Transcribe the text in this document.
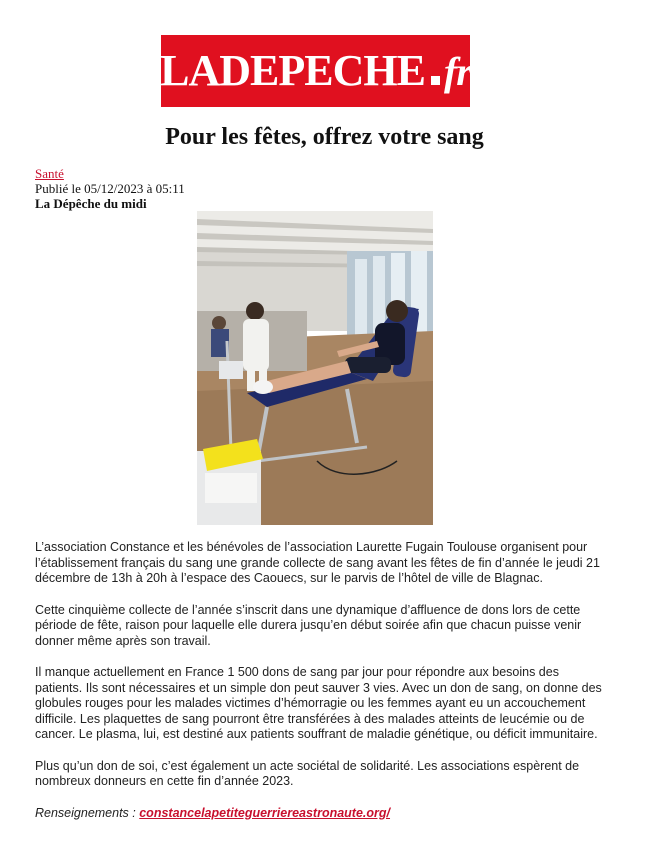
LADEPECHE fr
Pour les fêtes, offrez votre sang
Santé
Publié le 05/12/2023 à 05:11
La Dépêche du midi

L’association Constance et les bénévoles de l’association Laurette Fugain Toulouse organisent pour l’établissement français du sang une grande collecte de sang avant les fêtes de fin d’année le jeudi 21 décembre de 13h à 20h à l’espace des Caouecs, sur le parvis de l’hôtel de ville de Blagnac.

Cette cinquième collecte de l’année s’inscrit dans une dynamique d’affluence de dons lors de cette période de fête, raison pour laquelle elle durera jusqu’en début soirée afin que chacun puisse venir donner même après son travail.

Il manque actuellement en France 1 500 dons de sang par jour pour répondre aux besoins des patients. Ils sont nécessaires et un simple don peut sauver 3 vies. Avec un don de sang, on donne des globules rouges pour les malades victimes d’hémorragie ou les femmes ayant eu un accouchement difficile. Les plaquettes de sang pourront être transférées à des malades atteints de leucémie ou de cancer. Le plasma, lui, est destiné aux patients souffrant de maladie génétique, ou déficit immunitaire.

Plus qu’un don de soi, c’est également un acte sociétal de solidarité. Les associations espèrent de nombreux donneurs en cette fin d’année 2023.

Renseignements : constancelapetiteguerriereastronaute.org/
